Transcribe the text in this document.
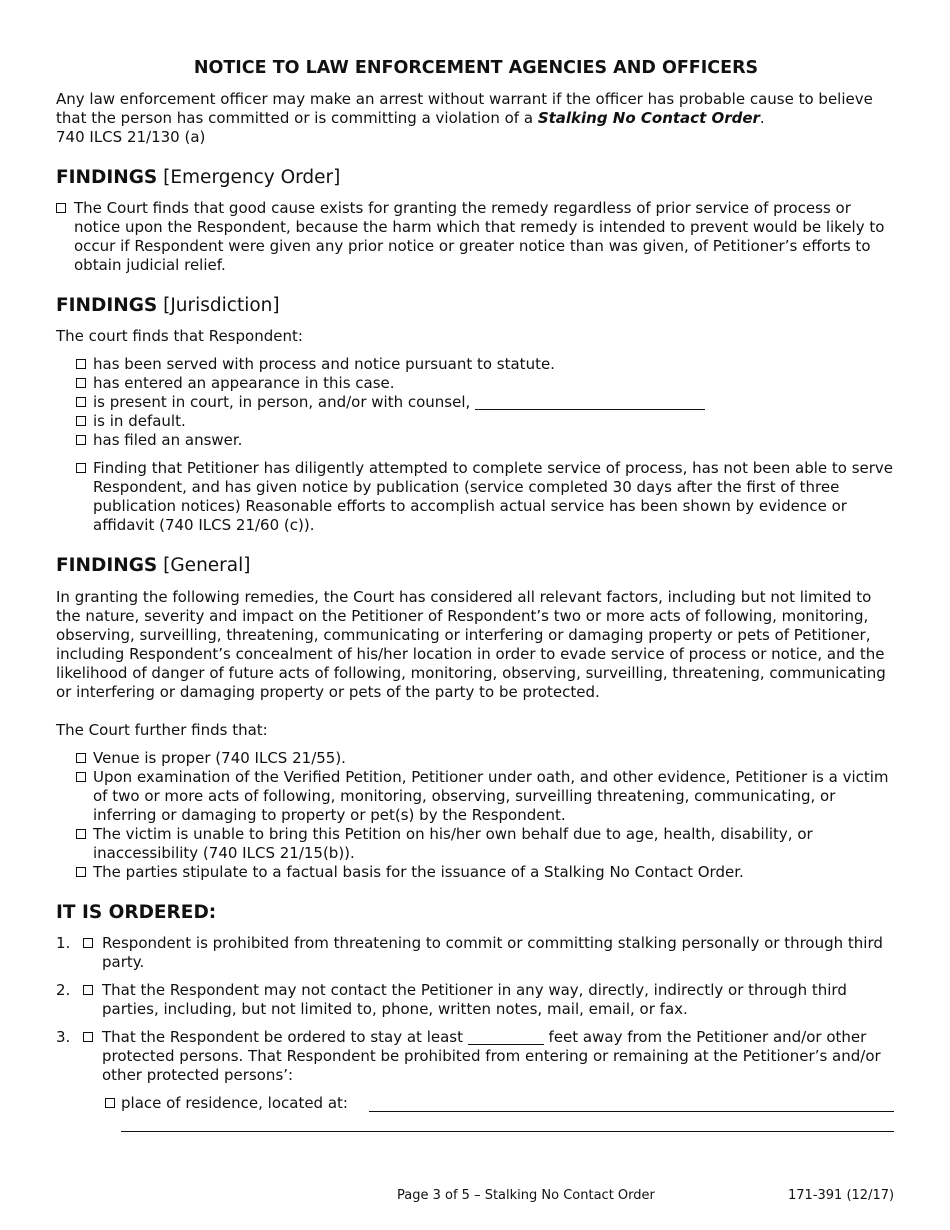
NOTICE TO LAW ENFORCEMENT AGENCIES AND OFFICERS

Any law enforcement officer may make an arrest without warrant if the officer has probable cause to believe that the person has committed or is committing a violation of a Stalking No Contact Order.
740 ILCS 21/130 (a)

FINDINGS [Emergency Order]
The Court finds that good cause exists for granting the remedy regardless of prior service of process or notice upon the Respondent, because the harm which that remedy is intended to prevent would be likely to occur if Respondent were given any prior notice or greater notice than was given, of Petitioner’s efforts to obtain judicial relief.
FINDINGS [Jurisdiction]

The court finds that Respondent:

has been served with process and notice pursuant to statute.
has entered an appearance in this case.
is present in court, in person, and/or with counsel,
is in default.
has filed an answer.
Finding that Petitioner has diligently attempted to complete service of process, has not been able to serve Respondent, and has given notice by publication (service completed 30 days after the first of three publication notices) Reasonable efforts to accomplish actual service has been shown by evidence or affidavit (740 ILCS 21/60 (c)).
FINDINGS [General]

In granting the following remedies, the Court has considered all relevant factors, including but not limited to the nature, severity and impact on the Petitioner of Respondent’s two or more acts of following, monitoring, observing, surveilling, threatening, communicating or interfering or damaging property or pets of Petitioner, including Respondent’s concealment of his/her location in order to evade service of process or notice, and the likelihood of danger of future acts of following, monitoring, observing, surveilling, threatening, communicating or interfering or damaging property or pets of the party to be protected.

The Court further finds that:

Venue is proper (740 ILCS 21/55).
Upon examination of the Verified Petition, Petitioner under oath, and other evidence, Petitioner is a victim of two or more acts of following, monitoring, observing, surveilling threatening, communicating, or inferring or damaging to property or pet(s) by the Respondent.
The victim is unable to bring this Petition on his/her own behalf due to age, health, disability, or inaccessibility (740 ILCS 21/15(b)).
The parties stipulate to a factual basis for the issuance of a Stalking No Contact Order.
IT IS ORDERED:
1. Respondent is prohibited from threatening to commit or committing stalking personally or through third party.
2. That the Respondent may not contact the Petitioner in any way, directly, indirectly or through third parties, including, but not limited to, phone, written notes, mail, email, or fax.
3. That the Respondent be ordered to stay at least	feet away from the Petitioner and/or other protected persons. That Respondent be prohibited from entering or remaining at the Petitioner’s and/or other protected persons’:
place of residence, located at:
Page 3 of 5 – Stalking No Contact Order	171-391 (12/17)
